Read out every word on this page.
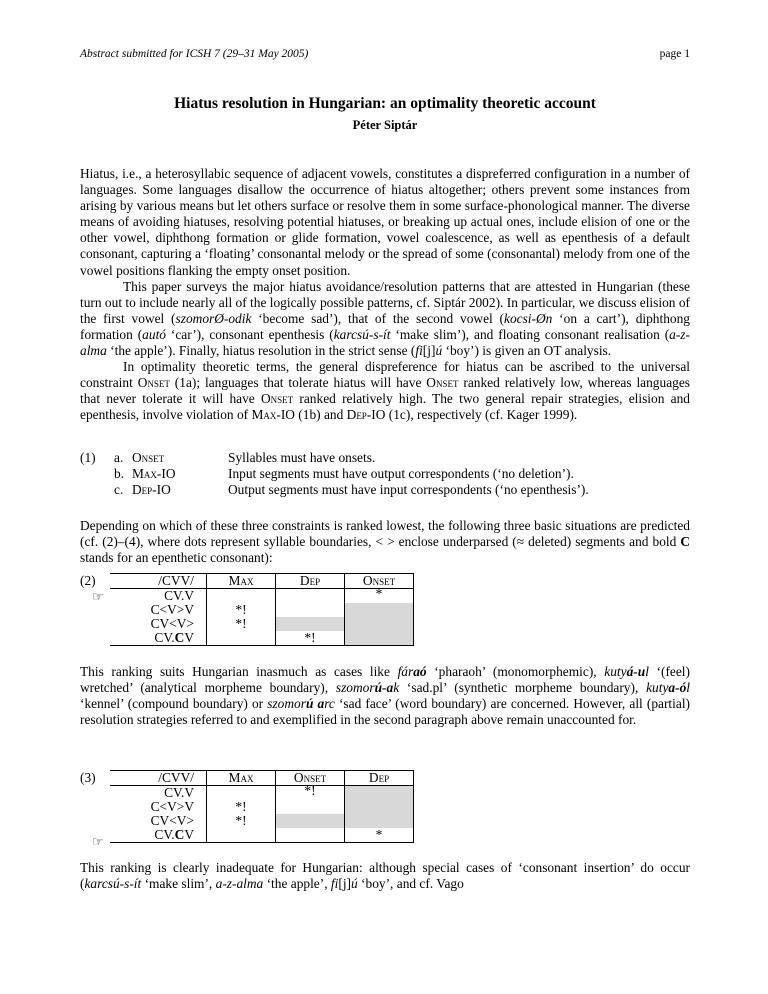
Abstract submitted for ICSH 7 (29–31 May 2005)	page 1
Hiatus resolution in Hungarian: an optimality theoretic account
Péter Siptár

Hiatus, i.e., a heterosyllabic sequence of adjacent vowels, constitutes a dispreferred configuration in a number of languages. Some languages disallow the occurrence of hiatus altogether; others prevent some instances from arising by various means but let others surface or resolve them in some surface-phonological manner. The diverse means of avoiding hiatuses, resolving potential hiatuses, or breaking up actual ones, include elision of one or the other vowel, diphthong formation or glide formation, vowel coalescence, as well as epenthesis of a default consonant, capturing a ‘floating’ consonantal melody or the spread of some (consonantal) melody from one of the vowel positions flanking the empty onset position.

This paper surveys the major hiatus avoidance/resolution patterns that are attested in Hungarian (these turn out to include nearly all of the logically possible patterns, cf. Siptár 2002). In particular, we discuss elision of the first vowel (szomorØ-odik ‘become sad’), that of the second vowel (kocsi-Øn ‘on a cart’), diphthong formation (autó ‘car’), consonant epenthesis (karcsú-s-ít ‘make slim’), and floating consonant realisation (a-z-alma ‘the apple’). Finally, hiatus resolution in the strict sense (fi[j]ú ‘boy’) is given an OT analysis.

In optimality theoretic terms, the general dispreference for hiatus can be ascribed to the universal constraint Onset (1a); languages that tolerate hiatus will have Onset ranked relatively low, whereas languages that never tolerate it will have Onset ranked relatively high. The two general repair strategies, elision and epenthesis, involve violation of Max-IO (1b) and Dep-IO (1c), respectively (cf. Kager 1999).

(1) a. Onset	Syllables must have onsets.
b. Max-IO	Input segments must have output correspondents (‘no deletion’).
c. Dep-IO	Output segments must have input correspondents (‘no epenthesis’).
Depending on which of these three constraints is ranked lowest, the following three basic situations are predicted (cf. (2)–(4), where dots represent syllable boundaries, < > enclose underparsed (≈ deleted) segments and bold C stands for an epenthetic consonant):
(2)
☞
/CVV/	Max	Dep	Onset
CV.V			*
C<V>V	*!		
CV<V>	*!		
CV.CV		*!	
This ranking suits Hungarian inasmuch as cases like fáraó ‘pharaoh’ (monomorphemic), kutyá-ul ‘(feel) wretched’ (analytical morpheme boundary), szomorú-ak ‘sad.pl’ (synthetic morpheme boundary), kutya-ól ‘kennel’ (compound boundary) or szomorú arc ‘sad face’ (word boundary) are concerned. However, all (partial) resolution strategies referred to and exemplified in the second paragraph above remain unaccounted for.
(3)
☞
/CVV/	Max	Onset	Dep
CV.V		*!	
C<V>V	*!		
CV<V>	*!		
CV.CV			*
This ranking is clearly inadequate for Hungarian: although special cases of ‘consonant insertion’ do occur (karcsú-s-ít ‘make slim’, a-z-alma ‘the apple’, fi[j]ú ‘boy’, and cf. Vago
